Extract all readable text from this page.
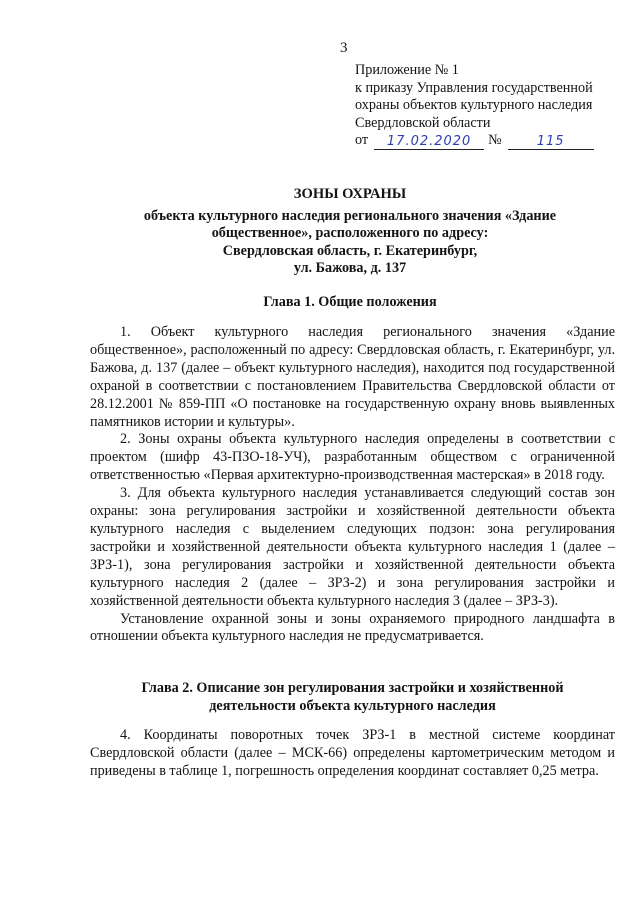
3
Приложение № 1
к приказу Управления государственной
охраны объектов культурного наследия
Свердловской области
от	17.02.2020	№	115
ЗОНЫ ОХРАНЫ
объекта культурного наследия регионального значения «Здание
общественное», расположенного по адресу:
Свердловская область, г. Екатеринбург,
ул. Бажова, д. 137
Глава 1. Общие положения

1. Объект культурного наследия регионального значения «Здание общественное», расположенный по адресу: Свердловская область, г. Екатеринбург, ул. Бажова, д. 137 (далее – объект культурного наследия), находится под государственной охраной в соответствии с постановлением Правительства Свердловской области от 28.12.2001 № 859-ПП «О постановке на государственную охрану вновь выявленных памятников истории и культуры».

2. Зоны охраны объекта культурного наследия определены в соответствии с проектом (шифр 43-ПЗО-18-УЧ), разработанным обществом с ограниченной ответственностью «Первая архитектурно-производственная мастерская» в 2018 году.

3. Для объекта культурного наследия устанавливается следующий состав зон охраны: зона регулирования застройки и хозяйственной деятельности объекта культурного наследия с выделением следующих подзон: зона регулирования застройки и хозяйственной деятельности объекта культурного наследия 1 (далее – ЗРЗ-1), зона регулирования застройки и хозяйственной деятельности объекта культурного наследия 2 (далее – ЗРЗ-2) и зона регулирования застройки и хозяйственной деятельности объекта культурного наследия 3 (далее – ЗРЗ-3).

Установление охранной зоны и зоны охраняемого природного ландшафта в отношении объекта культурного наследия не предусматривается.

Глава 2. Описание зон регулирования застройки и хозяйственной
деятельности объекта культурного наследия

4. Координаты поворотных точек ЗРЗ-1 в местной системе координат Свердловской области (далее – МСК-66) определены картометрическим методом и приведены в таблице 1, погрешность определения координат составляет 0,25 метра.
